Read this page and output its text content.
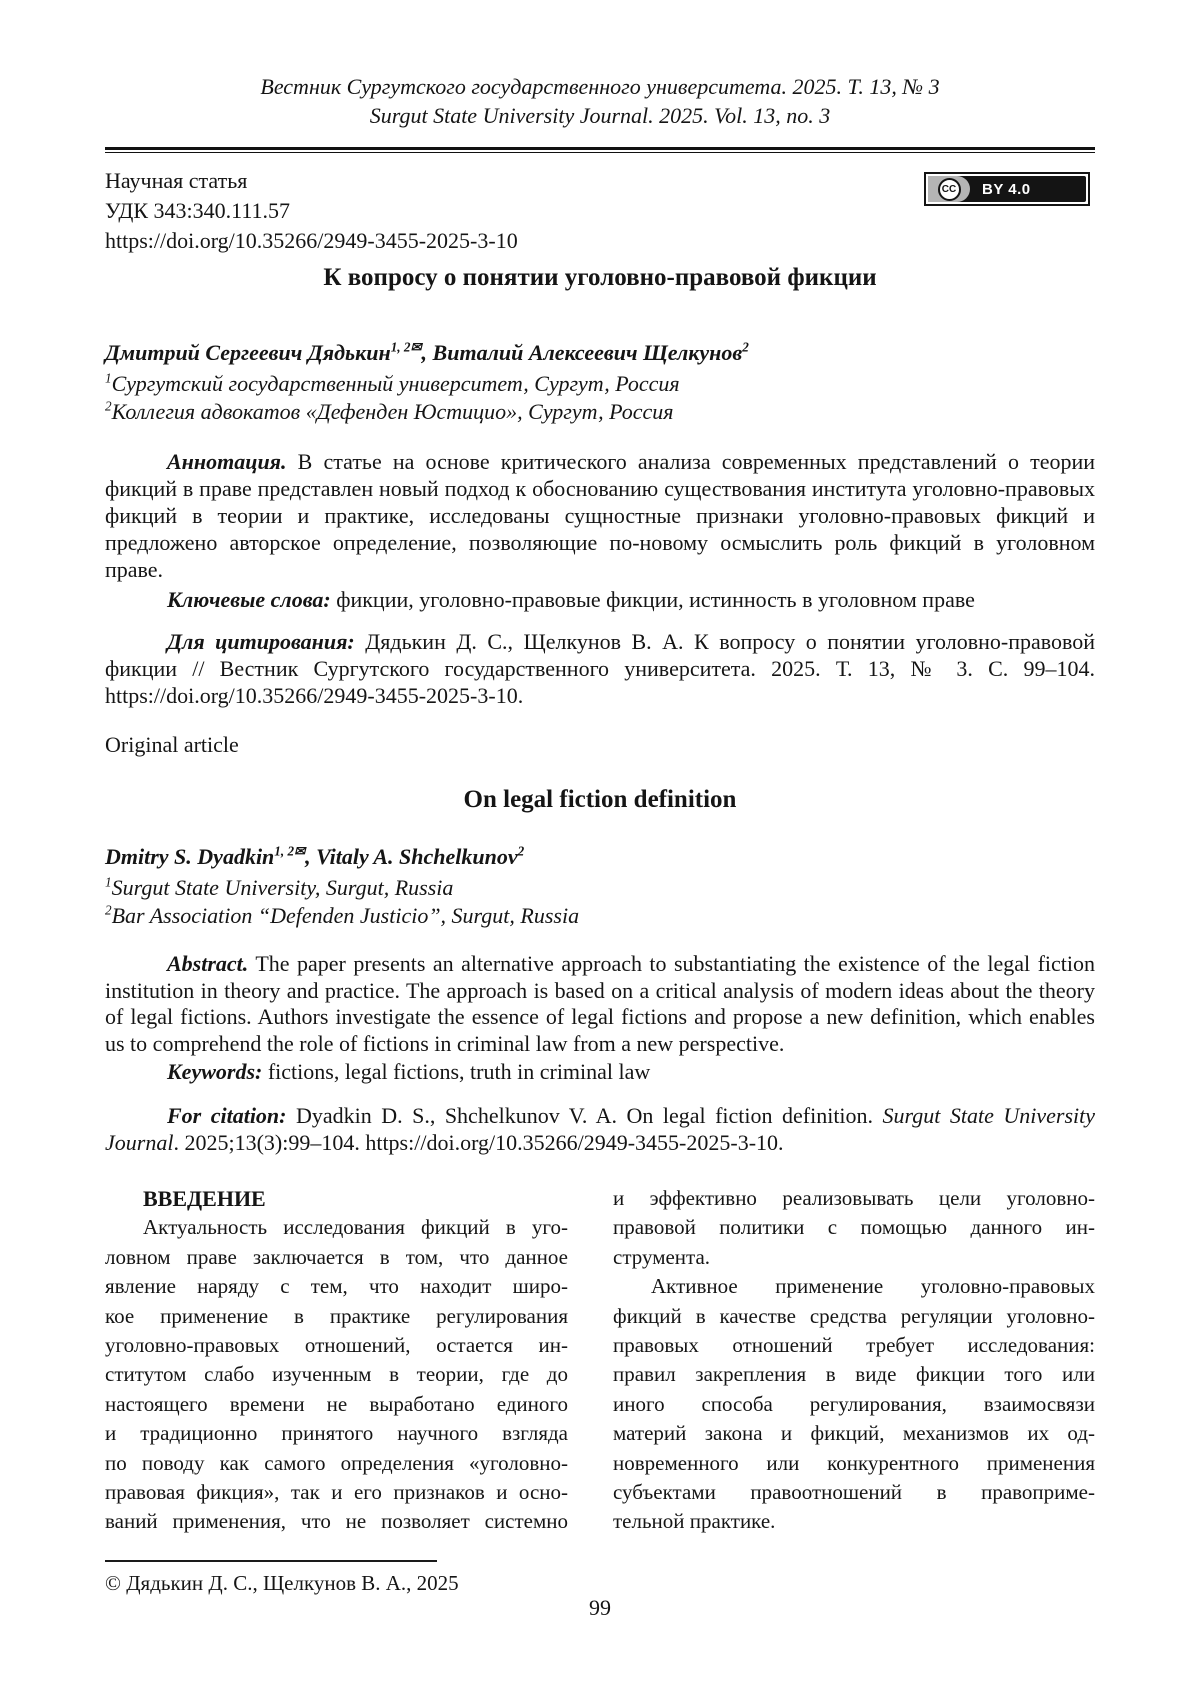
Вестник Сургутского государственного университета. 2025. Т. 13, № 3
Surgut State University Journal. 2025. Vol. 13, no. 3
Научная статья
УДК 343:340.111.57
https://doi.org/10.35266/2949-3455-2025-3-10
CC BY 4.0
К вопросу о понятии уголовно-правовой фикции
Дмитрий Сергеевич Дядькин$^{1, 2✉}$, Виталий Алексеевич Щелкунов$^2$
$^1$Сургутский государственный университет, Сургут, Россия
$^2$Коллегия адвокатов «Дефенден Юстицио», Сургут, Россия
Аннотация. В статье на основе критического анализа современных представлений о теории фикций в праве представлен новый подход к обоснованию существования института уголовно-правовых фикций в теории и практике, исследованы сущностные признаки уголовно-правовых фикций и предложено авторское определение, позволяющие по-новому осмыслить роль фикций в уголовном праве.
Ключевые слова: фикции, уголовно-правовые фикции, истинность в уголовном праве
Для цитирования: Дядькин Д. С., Щелкунов В. А. К вопросу о понятии уголовно-правовой фикции // Вестник Сургутского государственного университета. 2025. Т. 13, № 3. С. 99–104. https://doi.org/10.35266/2949-3455-2025-3-10.
Original article
On legal fiction definition
Dmitry S. Dyadkin$^{1, 2✉}$, Vitaly A. Shchelkunov$^2$
$^1$Surgut State University, Surgut, Russia
$^2$Bar Association “Defenden Justicio”, Surgut, Russia
Abstract. The paper presents an alternative approach to substantiating the existence of the legal fiction institution in theory and practice. The approach is based on a critical analysis of modern ideas about the theory of legal fictions. Authors investigate the essence of legal fictions and propose a new definition, which enables us to comprehend the role of fictions in criminal law from a new perspective.
Keywords: fictions, legal fictions, truth in criminal law
For citation: Dyadkin D. S., Shchelkunov V. A. On legal fiction definition. Surgut State University Journal. 2025;13(3):99–104. https://doi.org/10.35266/2949-3455-2025-3-10.
ВВЕДЕНИЕ
Актуальность исследования фикций в уго-
ловном праве заключается в том, что данное
явление наряду с тем, что находит широ-
кое применение в практике регулирования
уголовно-правовых отношений, остается ин-
ститутом слабо изученным в теории, где до
настоящего времени не выработано единого
и традиционно принятого научного взгляда
по поводу как самого определения «уголовно-
правовая фикция», так и его признаков и осно-
ваний применения, что не позволяет системно
и эффективно реализовывать цели уголовно-
правовой политики с помощью данного ин-
струмента.
Активное применение уголовно-правовых
фикций в качестве средства регуляции уголовно-
правовых отношений требует исследования:
правил закрепления в виде фикции того или
иного способа регулирования, взаимосвязи
материй закона и фикций, механизмов их од-
новременного или конкурентного применения
субъектами правоотношений в правоприме-
тельной практике.
© Дядькин Д. С., Щелкунов В. А., 2025
99
